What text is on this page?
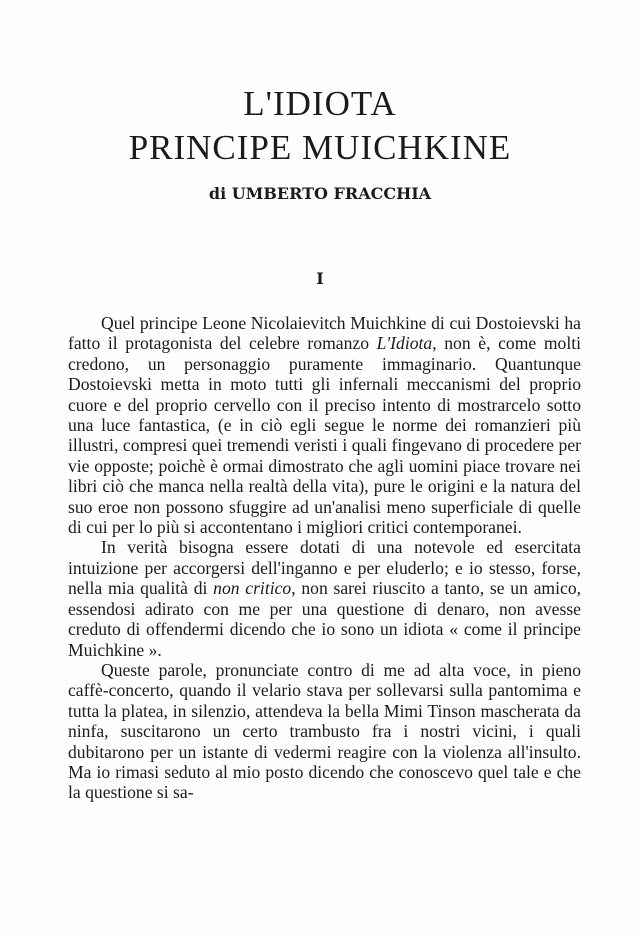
L'IDIOTA
PRINCIPE MUICHKINE
di UMBERTO FRACCHIA
I

Quel principe Leone Nicolaievitch Muichkine di cui Dostoievski ha fatto il protagonista del celebre romanzo L'Idiota, non è, come molti credono, un personaggio puramente immaginario. Quantunque Dostoievski metta in moto tutti gli infernali meccanismi del proprio cuore e del proprio cervello con il preciso intento di mostrarcelo sotto una luce fantastica, (e in ciò egli segue le norme dei romanzieri più illustri, compresi quei tremendi veristi i quali fingevano di procedere per vie opposte; poichè è ormai dimostrato che agli uomini piace trovare nei libri ciò che manca nella realtà della vita), pure le origini e la natura del suo eroe non possono sfuggire ad un'analisi meno superficiale di quelle di cui per lo più si accontentano i migliori critici contemporanei.

In verità bisogna essere dotati di una notevole ed esercitata intuizione per accorgersi dell'inganno e per eluderlo; e io stesso, forse, nella mia qualità di non critico, non sarei riuscito a tanto, se un amico, essendosi adirato con me per una questione di denaro, non avesse creduto di offendermi dicendo che io sono un idiota « come il principe Muichkine ».

Queste parole, pronunciate contro di me ad alta voce, in pieno caffè-concerto, quando il velario stava per sollevarsi sulla pantomima e tutta la platea, in silenzio, attendeva la bella Mimi Tinson mascherata da ninfa, suscitarono un certo trambusto fra i nostri vicini, i quali dubitarono per un istante di vedermi reagire con la violenza all'insulto. Ma io rimasi seduto al mio posto dicendo che conoscevo quel tale e che la questione si sa-
